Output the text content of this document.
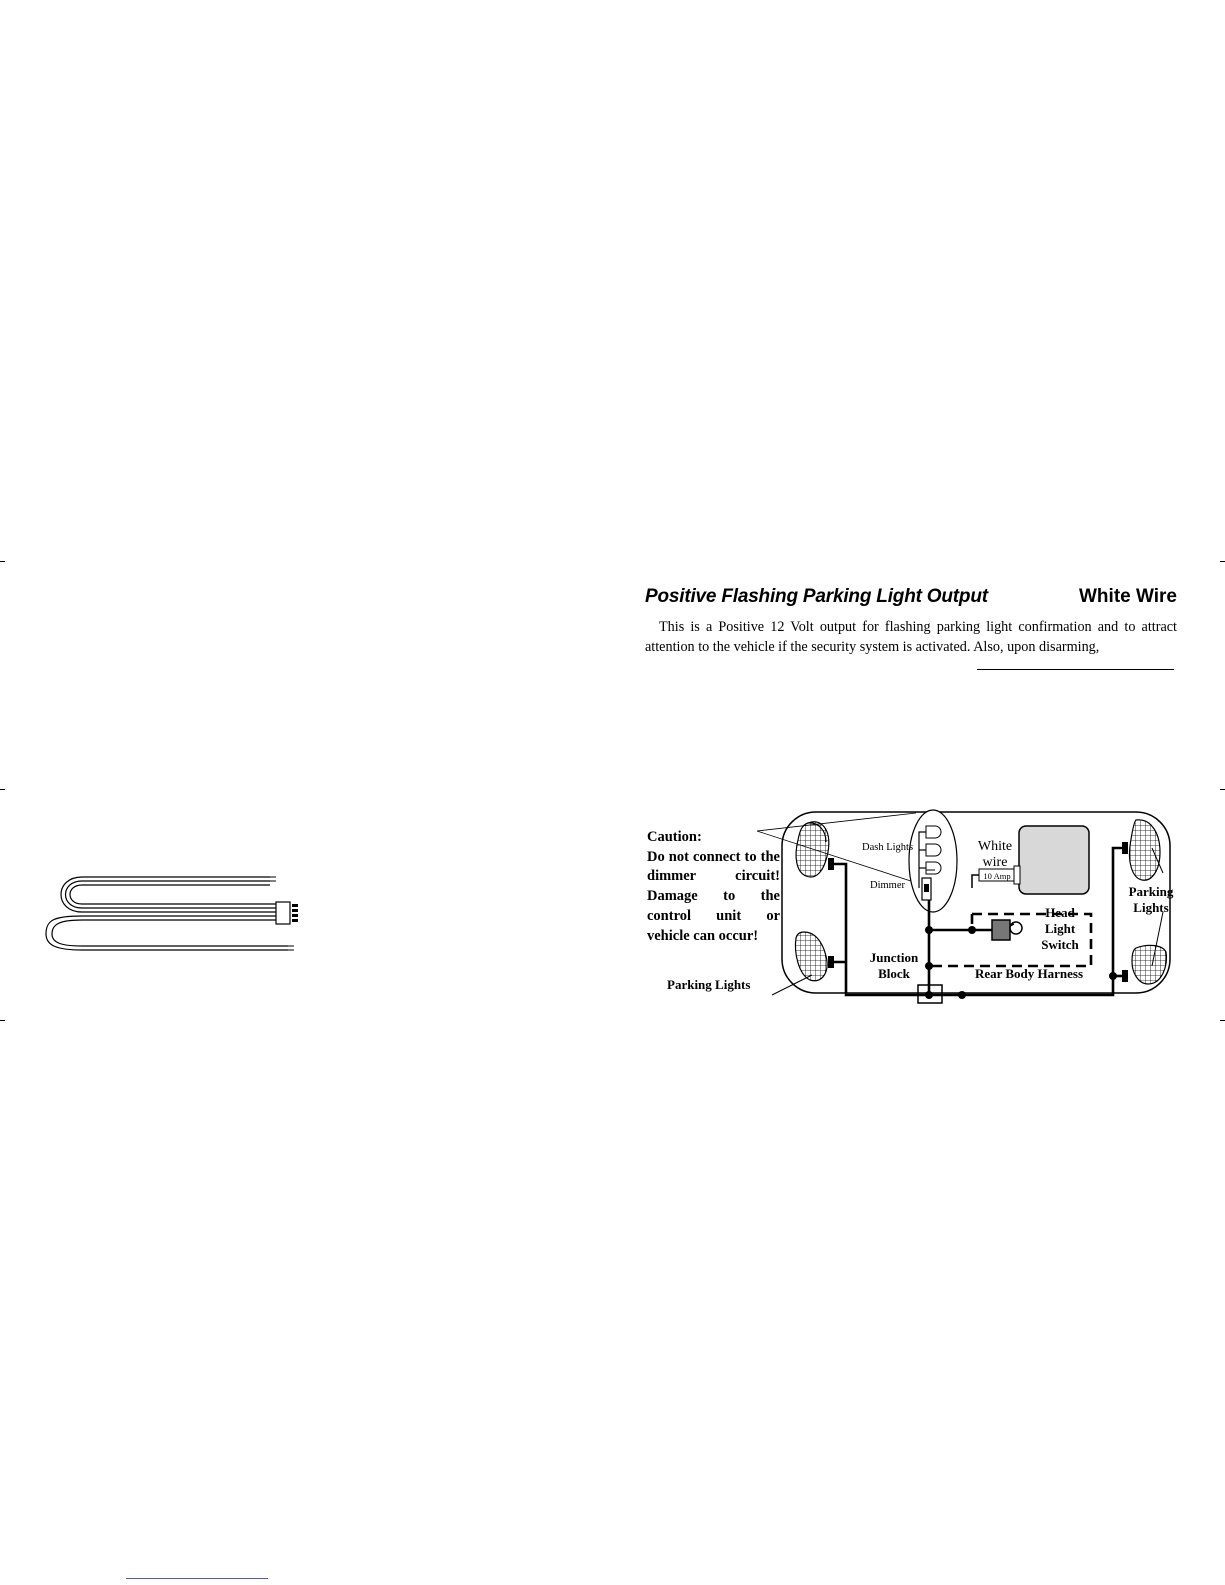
Positive Flashing Parking Light Output	White Wire

This is a Positive 12 Volt output for flashing parking light confirmation and to attract

attention to the vehicle if the security system is activated. Also, upon disarming,

Caution:
Do not connect to the dimmer circuit! Damage to the control unit or vehicle can occur!
Dash Lights
Dimmer
White
wire
10 Amp
Head
Light
Switch
Parking
Lights
Junction
Block	Rear Body Harness
Parking Lights
